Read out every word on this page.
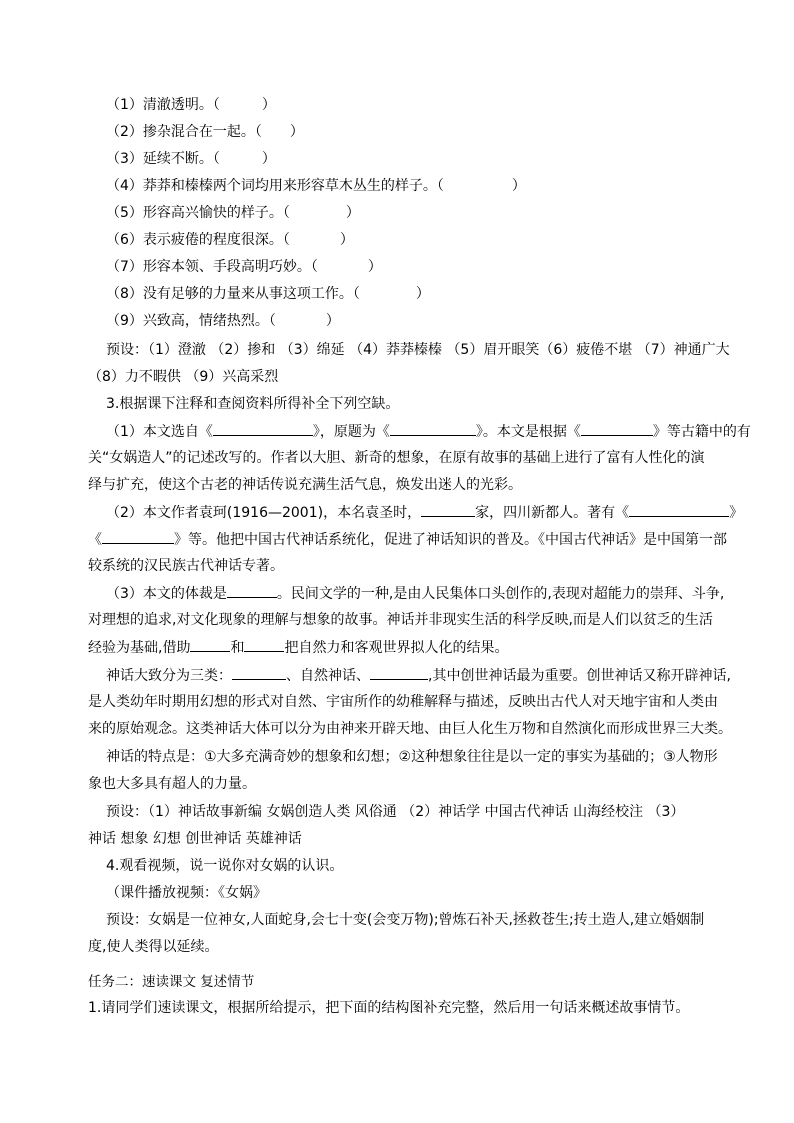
（1）清澈透明。（	）
（2）掺杂混合在一起。（ ）
（3）延续不断。（	）
（4）莽莽和榛榛两个词均用来形容草木丛生的样子。（	）
（5）形容高兴愉快的样子。（	）
（6）表示疲倦的程度很深。（	）
（7）形容本领、手段高明巧妙。（	）
（8）没有足够的力量来从事这项工作。（	）
（9）兴致高，情绪热烈。（	）
预设：（1）澄澈 （2）掺和 （3）绵延 （4）莽莽榛榛 （5）眉开眼笑（6）疲倦不堪 （7）神通广大
（8）力不暇供 （9）兴高采烈
3.根据课下注释和查阅资料所得补全下列空缺。
（1）本文选自《	》，原题为《	》。本文是根据《	》等古籍中的有
关“女娲造人”的记述改写的。作者以大胆、新奇的想象，在原有故事的基础上进行了富有人性化的演
绎与扩充，使这个古老的神话传说充满生活气息，焕发出迷人的光彩。
（2）本文作者袁珂(1916—2001)，本名袁圣时，	家，四川新都人。著有《	》
《	》等。他把中国古代神话系统化，促进了神话知识的普及。《中国古代神话》是中国第一部
较系统的汉民族古代神话专著。
（3）本文的体裁是	。民间文学的一种,是由人民集体口头创作的,表现对超能力的崇拜、斗争,
对理想的追求,对文化现象的理解与想象的故事。神话并非现实生活的科学反映,而是人们以贫乏的生活
经验为基础,借助	和	把自然力和客观世界拟人化的结果。
神话大致分为三类：	、自然神话、	,其中创世神话最为重要。创世神话又称开辟神话,
是人类幼年时期用幻想的形式对自然、宇宙所作的幼稚解释与描述，反映出古代人对天地宇宙和人类由
来的原始观念。这类神话大体可以分为由神来开辟天地、由巨人化生万物和自然演化而形成世界三大类。
神话的特点是：①大多充满奇妙的想象和幻想；②这种想象往往是以一定的事实为基础的；③人物形
象也大多具有超人的力量。
预设：（1）神话故事新编 女娲创造人类 风俗通 （2）神话学 中国古代神话 山海经校注 （3）
神话 想象 幻想 创世神话 英雄神话
4.观看视频，说一说你对女娲的认识。
（课件播放视频：《女娲》
预设：女娲是一位神女,人面蛇身,会七十变(会变万物);曾炼石补天,拯救苍生;抟土造人,建立婚姻制
度,使人类得以延续。
任务二：速读课文 复述情节
1.请同学们速读课文，根据所给提示，把下面的结构图补充完整，然后用一句话来概述故事情节。
